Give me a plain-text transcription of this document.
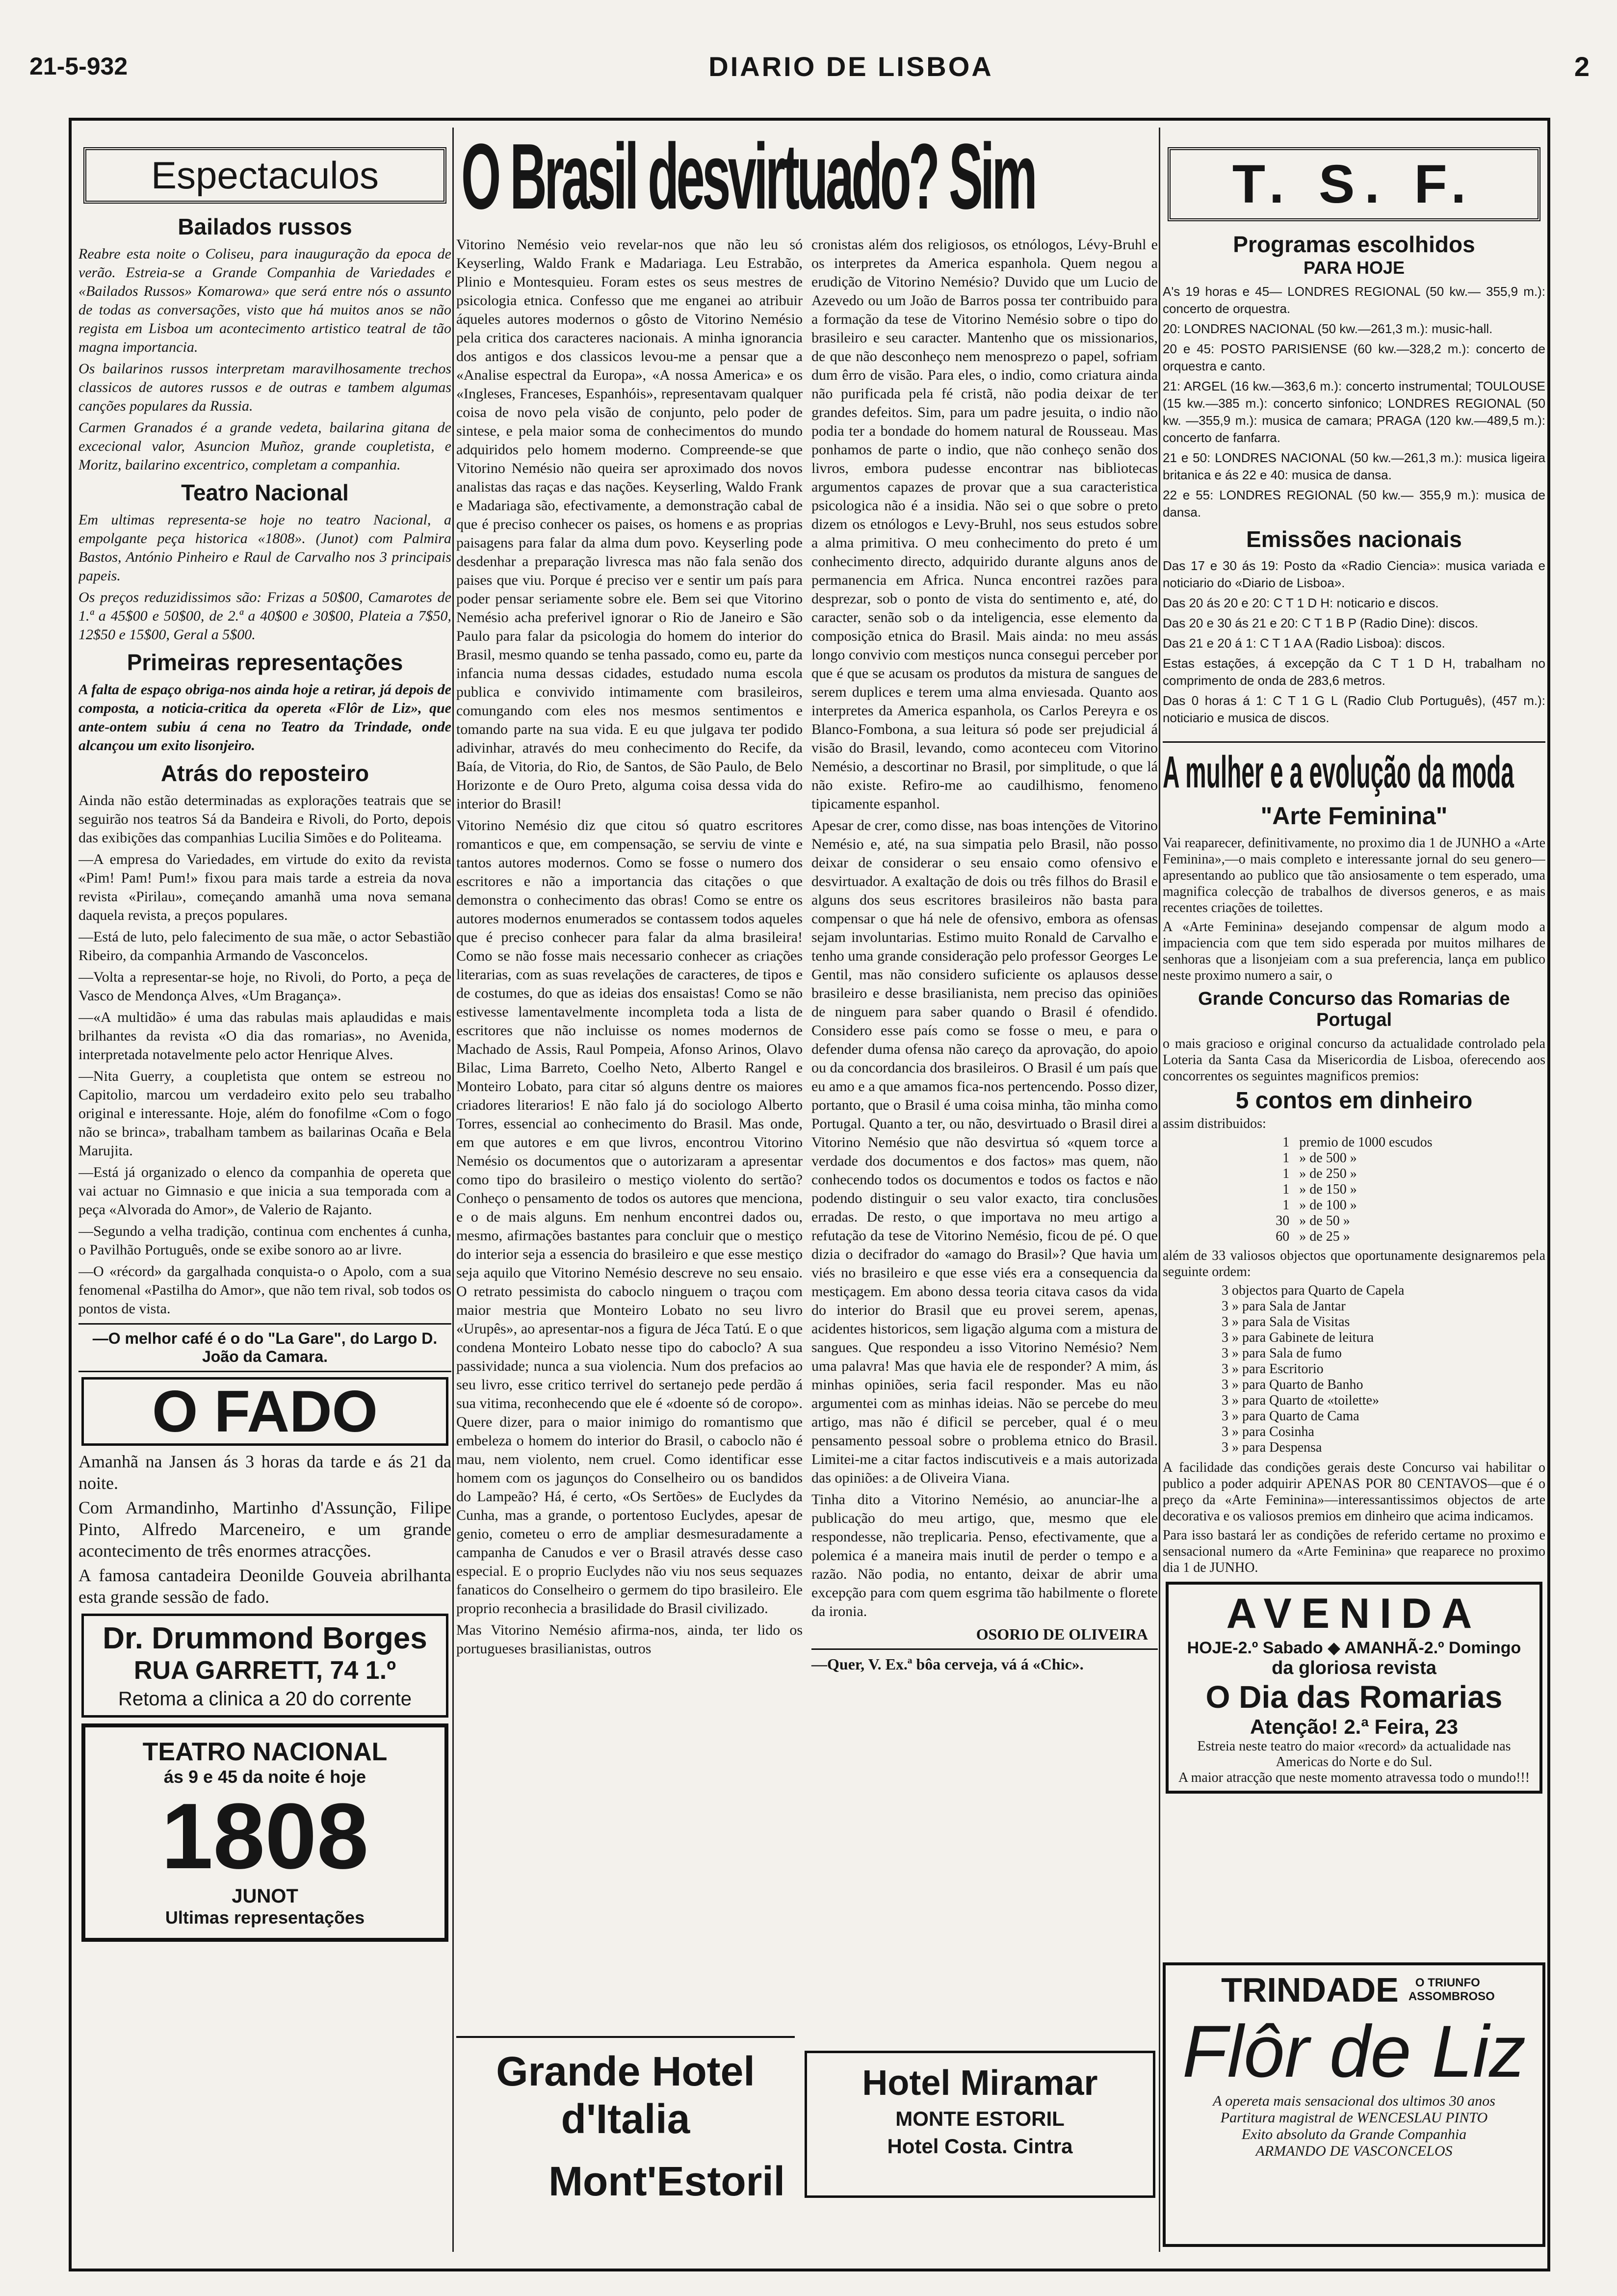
21-5-932	DIARIO DE LISBOA	2
Espectaculos
Bailados russos

Reabre esta noite o Coliseu, para inauguração da epoca de verão. Estreia-se a Grande Companhia de Variedades e «Bailados Russos» Komarowa» que será entre nós o assunto de todas as conversações, visto que há muitos anos se não regista em Lisboa um acontecimento artistico teatral de tão magna importancia.

Os bailarinos russos interpretam maravilhosamente trechos classicos de autores russos e de outras e tambem algumas canções populares da Russia.

Carmen Granados é a grande vedeta, bailarina gitana de excecional valor, Asuncion Muñoz, grande coupletista, e Moritz, bailarino excentrico, completam a companhia.

Teatro Nacional

Em ultimas representa-se hoje no teatro Nacional, a empolgante peça historica «1808». (Junot) com Palmira Bastos, António Pinheiro e Raul de Carvalho nos 3 principais papeis.

Os preços reduzidissimos são: Frizas a 50$00, Camarotes de 1.ª a 45$00 e 50$00, de 2.ª a 40$00 e 30$00, Plateia a 7$50, 12$50 e 15$00, Geral a 5$00.

Primeiras representações

A falta de espaço obriga-nos ainda hoje a retirar, já depois de composta, a noticia-critica da opereta «Flôr de Liz», que ante-ontem subiu á cena no Teatro da Trindade, onde alcançou um exito lisonjeiro.

Atrás do reposteiro

Ainda não estão determinadas as explorações teatrais que se seguirão nos teatros Sá da Bandeira e Rivoli, do Porto, depois das exibições das companhias Lucilia Simões e do Politeama.

—A empresa do Variedades, em virtude do exito da revista «Pim! Pam! Pum!» fixou para mais tarde a estreia da nova revista «Pirilau», começando amanhã uma nova semana daquela revista, a preços populares.

—Está de luto, pelo falecimento de sua mãe, o actor Sebastião Ribeiro, da companhia Armando de Vasconcelos.

—Volta a representar-se hoje, no Rivoli, do Porto, a peça de Vasco de Mendonça Alves, «Um Bragança».

—«A multidão» é uma das rabulas mais aplaudidas e mais brilhantes da revista «O dia das romarias», no Avenida, interpretada notavelmente pelo actor Henrique Alves.

—Nita Guerry, a coupletista que ontem se estreou no Capitolio, marcou um verdadeiro exito pelo seu trabalho original e interessante. Hoje, além do fonofilme «Com o fogo não se brinca», trabalham tambem as bailarinas Ocaña e Bela Marujita.

—Está já organizado o elenco da companhia de opereta que vai actuar no Gimnasio e que inicia a sua temporada com a peça «Alvorada do Amor», de Valerio de Rajanto.

—Segundo a velha tradição, continua com enchentes á cunha, o Pavilhão Português, onde se exibe sonoro ao ar livre.

—O «récord» da gargalhada conquista-o o Apolo, com a sua fenomenal «Pastilha do Amor», que não tem rival, sob todos os pontos de vista.

—O melhor café é o do "La Gare", do Largo D. João da Camara.

O FADO

Amanhã na Jansen ás 3 horas da tarde e ás 21 da noite.

Com Armandinho, Martinho d'Assunção, Filipe Pinto, Alfredo Marceneiro, e um grande acontecimento de três enormes atracções.

A famosa cantadeira Deonilde Gouveia abrilhanta esta grande sessão de fado.

Dr. Drummond Borges
RUA GARRETT, 74 1.º
Retoma a clinica a 20 do corrente
TEATRO NACIONAL
ás 9 e 45 da noite é hoje
1808
JUNOT
Ultimas representações
O Brasil desvirtuado? Sim

Vitorino Nemésio veio revelar-nos que não leu só Keyserling, Waldo Frank e Madariaga. Leu Estrabão, Plinio e Montesquieu. Foram estes os seus mestres de psicologia etnica. Confesso que me enganei ao atribuir áqueles autores modernos o gôsto de Vitorino Nemésio pela critica dos caracteres nacionais. A minha ignorancia dos antigos e dos classicos levou-me a pensar que a «Analise espectral da Europa», «A nossa America» e os «Ingleses, Franceses, Espanhóis», representavam qualquer coisa de novo pela visão de conjunto, pelo poder de sintese, e pela maior soma de conhecimentos do mundo adquiridos pelo homem moderno. Compreende-se que Vitorino Nemésio não queira ser aproximado dos novos analistas das raças e das nações. Keyserling, Waldo Frank e Madariaga são, efectivamente, a demonstração cabal de que é preciso conhecer os paises, os homens e as proprias paisagens para falar da alma dum povo. Keyserling pode desdenhar a preparação livresca mas não fala senão dos paises que viu. Porque é preciso ver e sentir um país para poder pensar seriamente sobre ele. Bem sei que Vitorino Nemésio acha preferivel ignorar o Rio de Janeiro e São Paulo para falar da psicologia do homem do interior do Brasil, mesmo quando se tenha passado, como eu, parte da infancia numa dessas cidades, estudado numa escola publica e convivido intimamente com brasileiros, comungando com eles nos mesmos sentimentos e tomando parte na sua vida. E eu que julgava ter podido adivinhar, através do meu conhecimento do Recife, da Baía, de Vitoria, do Rio, de Santos, de São Paulo, de Belo Horizonte e de Ouro Preto, alguma coisa dessa vida do interior do Brasil!

Vitorino Nemésio diz que citou só quatro escritores romanticos e que, em compensação, se serviu de vinte e tantos autores modernos. Como se fosse o numero dos escritores e não a importancia das citações o que demonstra o conhecimento das obras! Como se entre os autores modernos enumerados se contassem todos aqueles que é preciso conhecer para falar da alma brasileira! Como se não fosse mais necessario conhecer as criações literarias, com as suas revelações de caracteres, de tipos e de costumes, do que as ideias dos ensaistas! Como se não estivesse lamentavelmente incompleta toda a lista de escritores que não incluisse os nomes modernos de Machado de Assis, Raul Pompeia, Afonso Arinos, Olavo Bilac, Lima Barreto, Coelho Neto, Alberto Rangel e Monteiro Lobato, para citar só alguns dentre os maiores criadores literarios! E não falo já do sociologo Alberto Torres, essencial ao conhecimento do Brasil. Mas onde, em que autores e em que livros, encontrou Vitorino Nemésio os documentos que o autorizaram a apresentar como tipo do brasileiro o mestiço violento do sertão? Conheço o pensamento de todos os autores que menciona, e o de mais alguns. Em nenhum encontrei dados ou, mesmo, afirmações bastantes para concluir que o mestiço do interior seja a essencia do brasileiro e que esse mestiço seja aquilo que Vitorino Nemésio descreve no seu ensaio. O retrato pessimista do caboclo ninguem o traçou com maior mestria que Monteiro Lobato no seu livro «Urupês», ao apresentar-nos a figura de Jéca Tatú. E o que condena Monteiro Lobato nesse tipo do caboclo? A sua passividade; nunca a sua violencia. Num dos prefacios ao seu livro, esse critico terrivel do sertanejo pede perdão á sua vitima, reconhecendo que ele é «doente só de coropo». Quere dizer, para o maior inimigo do romantismo que embeleza o homem do interior do Brasil, o caboclo não é mau, nem violento, nem cruel. Como identificar esse homem com os jagunços do Conselheiro ou os bandidos do Lampeão? Há, é certo, «Os Sertões» de Euclydes da Cunha, mas a grande, o portentoso Euclydes, apesar de genio, cometeu o erro de ampliar desmesuradamente a campanha de Canudos e ver o Brasil através desse caso especial. E o proprio Euclydes não viu nos seus sequazes fanaticos do Conselheiro o germem do tipo brasileiro. Ele proprio reconhecia a brasilidade do Brasil civilizado.

Mas Vitorino Nemésio afirma-nos, ainda, ter lido os portugueses brasilianistas, outros

cronistas além dos religiosos, os etnólogos, Lévy-Bruhl e os interpretes da America espanhola. Quem negou a erudição de Vitorino Nemésio? Duvido que um Lucio de Azevedo ou um João de Barros possa ter contribuido para a formação da tese de Vitorino Nemésio sobre o tipo do brasileiro e seu caracter. Mantenho que os missionarios, de que não desconheço nem menosprezo o papel, sofriam dum êrro de visão. Para eles, o indio, como criatura ainda não purificada pela fé cristã, não podia deixar de ter grandes defeitos. Sim, para um padre jesuita, o indio não podia ter a bondade do homem natural de Rousseau. Mas ponhamos de parte o indio, que não conheço senão dos livros, embora pudesse encontrar nas bibliotecas argumentos capazes de provar que a sua caracteristica psicologica não é a insidia. Não sei o que sobre o preto dizem os etnólogos e Levy-Bruhl, nos seus estudos sobre a alma primitiva. O meu conhecimento do preto é um conhecimento directo, adquirido durante alguns anos de permanencia em Africa. Nunca encontrei razões para desprezar, sob o ponto de vista do sentimento e, até, do caracter, senão sob o da inteligencia, esse elemento da composição etnica do Brasil. Mais ainda: no meu assás longo convivio com mestiços nunca consegui perceber por que é que se acusam os produtos da mistura de sangues de serem duplices e terem uma alma enviesada. Quanto aos interpretes da America espanhola, os Carlos Pereyra e os Blanco-Fombona, a sua leitura só pode ser prejudicial á visão do Brasil, levando, como aconteceu com Vitorino Nemésio, a descortinar no Brasil, por simplitude, o que lá não existe. Refiro-me ao caudilhismo, fenomeno tipicamente espanhol.

Apesar de crer, como disse, nas boas intenções de Vitorino Nemésio e, até, na sua simpatia pelo Brasil, não posso deixar de considerar o seu ensaio como ofensivo e desvirtuador. A exaltação de dois ou três filhos do Brasil e alguns dos seus escritores brasileiros não basta para compensar o que há nele de ofensivo, embora as ofensas sejam involuntarias. Estimo muito Ronald de Carvalho e tenho uma grande consideração pelo professor Georges Le Gentil, mas não considero suficiente os aplausos desse brasileiro e desse brasilianista, nem preciso das opiniões de ninguem para saber quando o Brasil é ofendido. Considero esse país como se fosse o meu, e para o defender duma ofensa não careço da aprovação, do apoio ou da concordancia dos brasileiros. O Brasil é um país que eu amo e a que amamos fica-nos pertencendo. Posso dizer, portanto, que o Brasil é uma coisa minha, tão minha como Portugal. Quanto a ter, ou não, desvirtuado o Brasil direi a Vitorino Nemésio que não desvirtua só «quem torce a verdade dos documentos e dos factos» mas quem, não conhecendo todos os documentos e todos os factos e não podendo distinguir o seu valor exacto, tira conclusões erradas. De resto, o que importava no meu artigo a refutação da tese de Vitorino Nemésio, ficou de pé. O que dizia o decifrador do «amago do Brasil»? Que havia um viés no brasileiro e que esse viés era a consequencia da mestiçagem. Em abono dessa teoria citava casos da vida do interior do Brasil que eu provei serem, apenas, acidentes historicos, sem ligação alguma com a mistura de sangues. Que respondeu a isso Vitorino Nemésio? Nem uma palavra! Mas que havia ele de responder? A mim, ás minhas opiniões, seria facil responder. Mas eu não argumentei com as minhas ideias. Não se percebe do meu artigo, mas não é dificil se perceber, qual é o meu pensamento pessoal sobre o problema etnico do Brasil. Limitei-me a citar factos indiscutiveis e a mais autorizada das opiniões: a de Oliveira Viana.

Tinha dito a Vitorino Nemésio, ao anunciar-lhe a publicação do meu artigo, que, mesmo que ele respondesse, não treplicaria. Penso, efectivamente, que a polemica é a maneira mais inutil de perder o tempo e a razão. Não podia, no entanto, deixar de abrir uma excepção para com quem esgrima tão habilmente o florete da ironia.

OSORIO DE OLIVEIRA

—Quer, V. Ex.ª bôa cerveja, vá á «Chic».

Grande Hotel d'Italia
Mont'Estoril
Hotel Miramar
MONTE ESTORIL
Hotel Costa. Cintra
T. S. F.
Programas escolhidos
PARA HOJE

A's 19 horas e 45— LONDRES REGIONAL (50 kw.— 355,9 m.): concerto de orquestra.

20: LONDRES NACIONAL (50 kw.—261,3 m.): music-hall.

20 e 45: POSTO PARISIENSE (60 kw.—328,2 m.): concerto de orquestra e canto.

21: ARGEL (16 kw.—363,6 m.): concerto instrumental; TOULOUSE (15 kw.—385 m.): concerto sinfonico; LONDRES REGIONAL (50 kw. —355,9 m.): musica de camara; PRAGA (120 kw.—489,5 m.): concerto de fanfarra.

21 e 50: LONDRES NACIONAL (50 kw.—261,3 m.): musica ligeira britanica e ás 22 e 40: musica de dansa.

22 e 55: LONDRES REGIONAL (50 kw.— 355,9 m.): musica de dansa.

Emissões nacionais

Das 17 e 30 ás 19: Posto da «Radio Ciencia»: musica variada e noticiario do «Diario de Lisboa».

Das 20 ás 20 e 20: C T 1 D H: noticario e discos.

Das 20 e 30 ás 21 e 20: C T 1 B P (Radio Dine): discos.

Das 21 e 20 á 1: C T 1 A A (Radio Lisboa): discos.

Estas estações, á excepção da C T 1 D H, trabalham no comprimento de onda de 283,6 metros.

Das 0 horas á 1: C T 1 G L (Radio Club Português), (457 m.): noticiario e musica de discos.

A mulher e a evolução da moda
"Arte Feminina"

Vai reaparecer, definitivamente, no proximo dia 1 de JUNHO a «Arte Feminina»,—o mais completo e interessante jornal do seu genero—apresentando ao publico que tão ansiosamente o tem esperado, uma magnifica colecção de trabalhos de diversos generos, e as mais recentes criações de toilettes.

A «Arte Feminina» desejando compensar de algum modo a impaciencia com que tem sido esperada por muitos milhares de senhoras que a lisonjeiam com a sua preferencia, lança em publico neste proximo numero a sair, o

Grande Concurso das Romarias de Portugal

o mais gracioso e original concurso da actualidade controlado pela Loteria da Santa Casa da Misericordia de Lisboa, oferecendo aos concorrentes os seguintes magnificos premios:

5 contos em dinheiro

assim distribuidos:

1	premio de 1000 escudos
1	» de 500 »
1	» de 250 »
1	» de 150 »
1	» de 100 »
30	» de 50 »
60	» de 25 »

além de 33 valiosos objectos que oportunamente designaremos pela seguinte ordem:

3 objectos para Quarto de Capela
3 » para Sala de Jantar
3 » para Sala de Visitas
3 » para Gabinete de leitura
3 » para Sala de fumo
3 » para Escritorio
3 » para Quarto de Banho
3 » para Quarto de «toilette»
3 » para Quarto de Cama
3 » para Cosinha
3 » para Despensa

A facilidade das condições gerais deste Concurso vai habilitar o publico a poder adquirir APENAS POR 80 CENTAVOS—que é o preço da «Arte Feminina»—interessantissimos objectos de arte decorativa e os valiosos premios em dinheiro que acima indicamos.

Para isso bastará ler as condições de referido certame no proximo e sensacional numero da «Arte Feminina» que reaparece no proximo dia 1 de JUNHO.

AVENIDA
HOJE-2.º Sabado ◆ AMANHÃ-2.º Domingo
da gloriosa revista
O Dia das Romarias
Atenção! 2.ª Feira, 23
Estreia neste teatro do maior «record» da actualidade nas Americas do Norte e do Sul.
A maior atracção que neste momento atravessa todo o mundo!!!
TRINDADE	O TRIUNFO ASSOMBROSO
Flôr de Liz
A opereta mais sensacional dos ultimos 30 anos
Partitura magistral de WENCESLAU PINTO
Exito absoluto da Grande Companhia
ARMANDO DE VASCONCELOS
